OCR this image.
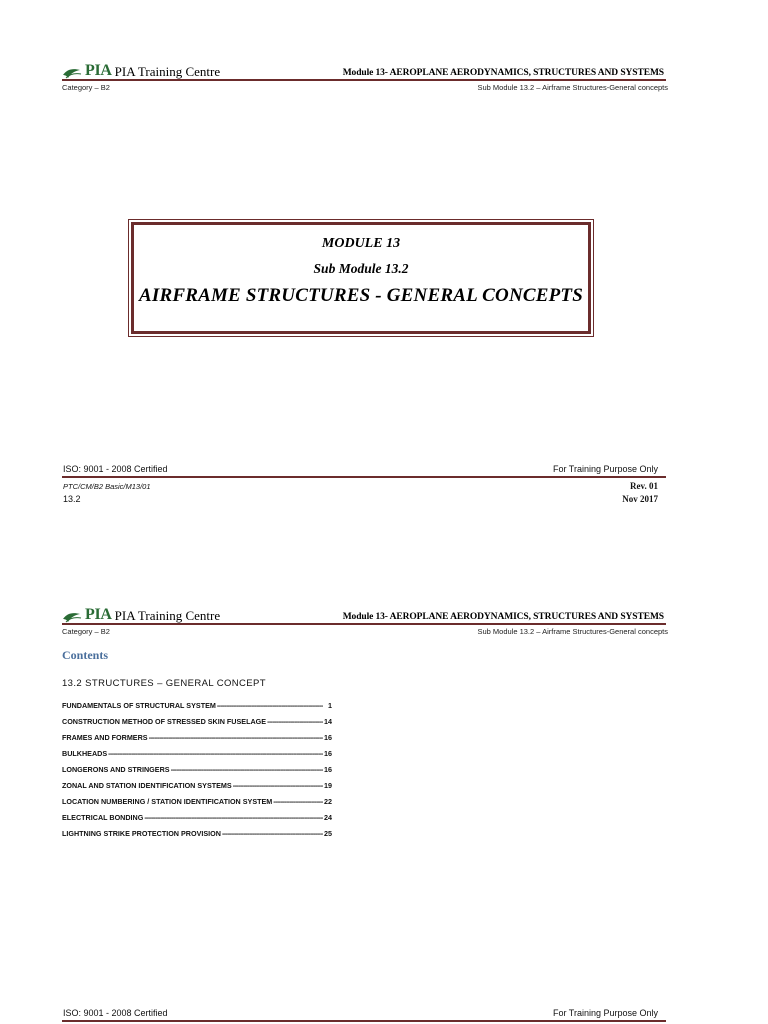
PIA PIA Training Centre	Module 13- AEROPLANE AERODYNAMICS, STRUCTURES AND SYSTEMS
Category – B2	Sub Module 13.2 – Airframe Structures-General concepts
MODULE 13
Sub Module 13.2
AIRFRAME STRUCTURES - GENERAL CONCEPTS
ISO: 9001 - 2008 Certified	For Training Purpose Only
PTC/CM/B2 Basic/M13/01	Rev. 01
13.2	Nov 2017
PIA PIA Training Centre	Module 13- AEROPLANE AERODYNAMICS, STRUCTURES AND SYSTEMS
Category – B2	Sub Module 13.2 – Airframe Structures-General concepts
Contents
13.2 STRUCTURES – GENERAL CONCEPT
FUNDAMENTALS OF STRUCTURAL SYSTEM -----	1
CONSTRUCTION METHOD OF STRESSED SKIN FUSELAGE -----	14
FRAMES AND FORMERS -----	16
BULKHEADS -----	16
LONGERONS AND STRINGERS -----	16
ZONAL AND STATION IDENTIFICATION SYSTEMS -----	19
LOCATION NUMBERING / STATION IDENTIFICATION SYSTEM -----	22
ELECTRICAL BONDING -----	24
LIGHTNING STRIKE PROTECTION PROVISION -----	25
ISO: 9001 - 2008 Certified	For Training Purpose Only
